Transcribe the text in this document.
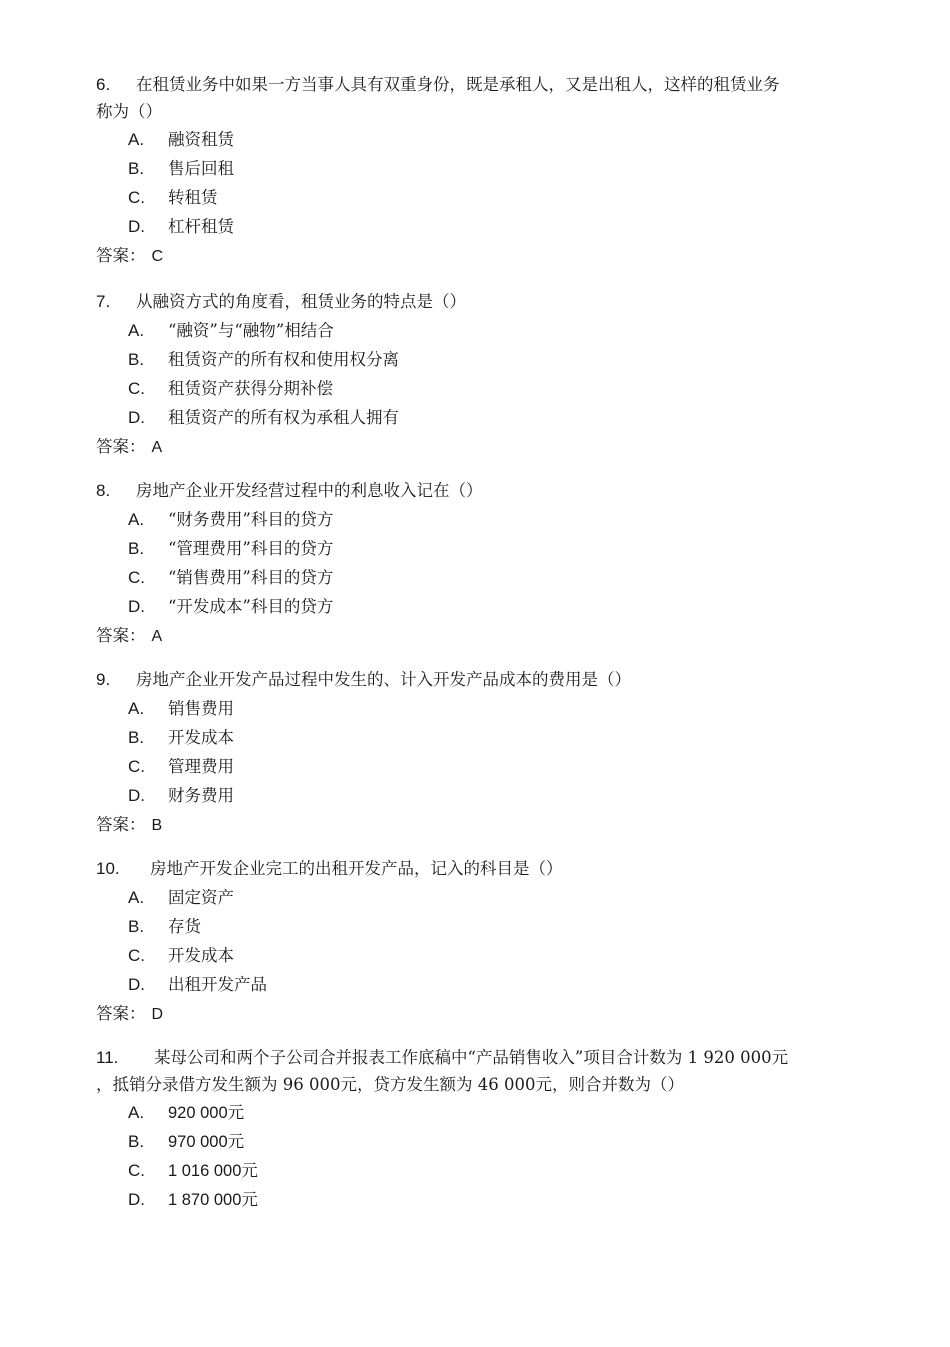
6. 在租赁业务中如果一方当事人具有双重身份，既是承租人，又是出租人，这样的租赁业务
称为（）
A. 融资租赁
B. 售后回租
C. 转租赁
D. 杠杆租赁
答案： C
7. 从融资方式的角度看，租赁业务的特点是（）
A. “融资”与“融物”相结合
B. 租赁资产的所有权和使用权分离
C. 租赁资产获得分期补偿
D. 租赁资产的所有权为承租人拥有
答案： A
8. 房地产企业开发经营过程中的利息收入记在（）
A. “财务费用”科目的贷方
B. “管理费用”科目的贷方
C. “销售费用”科目的贷方
D. “开发成本”科目的贷方
答案： A
9. 房地产企业开发产品过程中发生的、计入开发产品成本的费用是（）
A. 销售费用
B. 开发成本
C. 管理费用
D. 财务费用
答案： B
10. 房地产开发企业完工的出租开发产品，记入的科目是（）
A. 固定资产
B. 存货
C. 开发成本
D. 出租开发产品
答案： D
11. 某母公司和两个子公司合并报表工作底稿中“产品销售收入”项目合计数为 1 920 000元
，抵销分录借方发生额为 96 000元，贷方发生额为 46 000元，则合并数为（）
A. 920 000元
B. 970 000元
C. 1 016 000元
D. 1 870 000元
